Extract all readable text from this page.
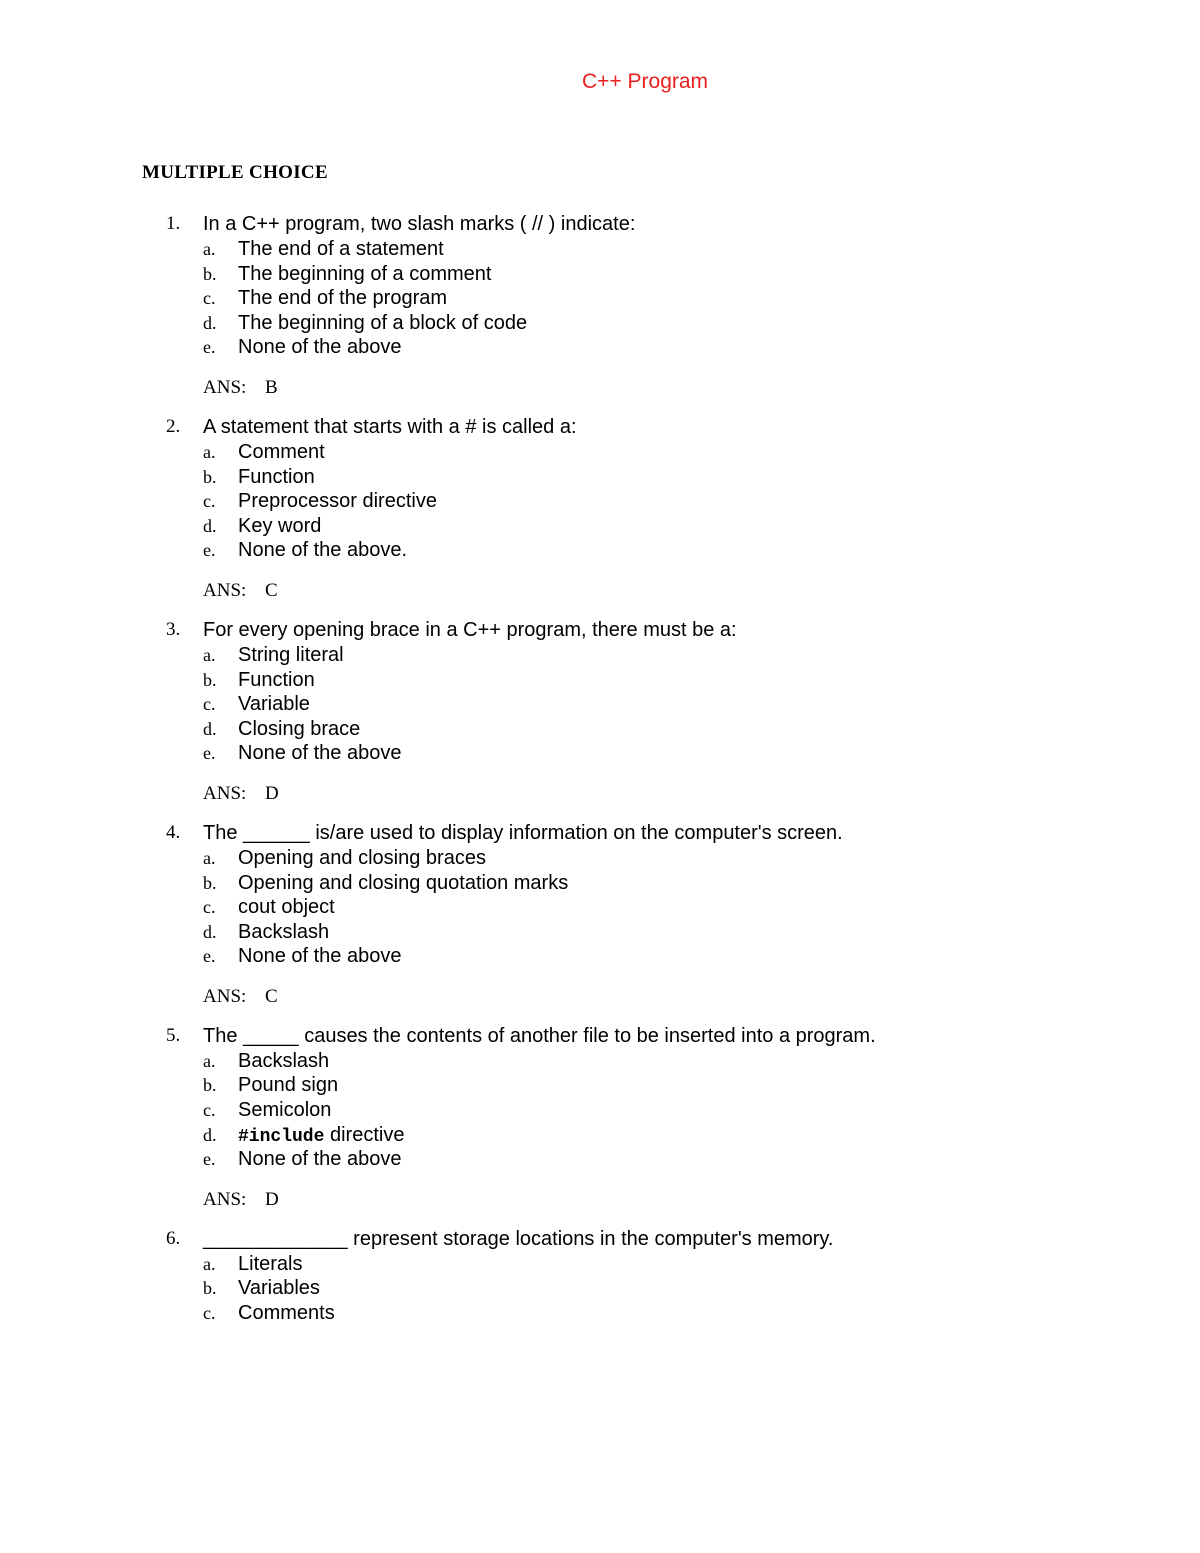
C++ Program
MULTIPLE CHOICE
1.	In a C++ program, two slash marks ( // ) indicate:
a. The end of a statement
b. The beginning of a comment
c. The end of the program
d. The beginning of a block of code
e. None of the above
ANS: B
2.	A statement that starts with a # is called a:
a. Comment
b. Function
c. Preprocessor directive
d. Key word
e. None of the above.
ANS: C
3.	For every opening brace in a C++ program, there must be a:
a. String literal
b. Function
c. Variable
d. Closing brace
e. None of the above
ANS: D
4.	The ______ is/are used to display information on the computer's screen.
a. Opening and closing braces
b. Opening and closing quotation marks
c. cout object
d. Backslash
e. None of the above
ANS: C
5.	The _____ causes the contents of another file to be inserted into a program.
a. Backslash
b. Pound sign
c. Semicolon
d. #include directive
e. None of the above
ANS: D
6.	_____________ represent storage locations in the computer's memory.
a. Literals
b. Variables
c. Comments
